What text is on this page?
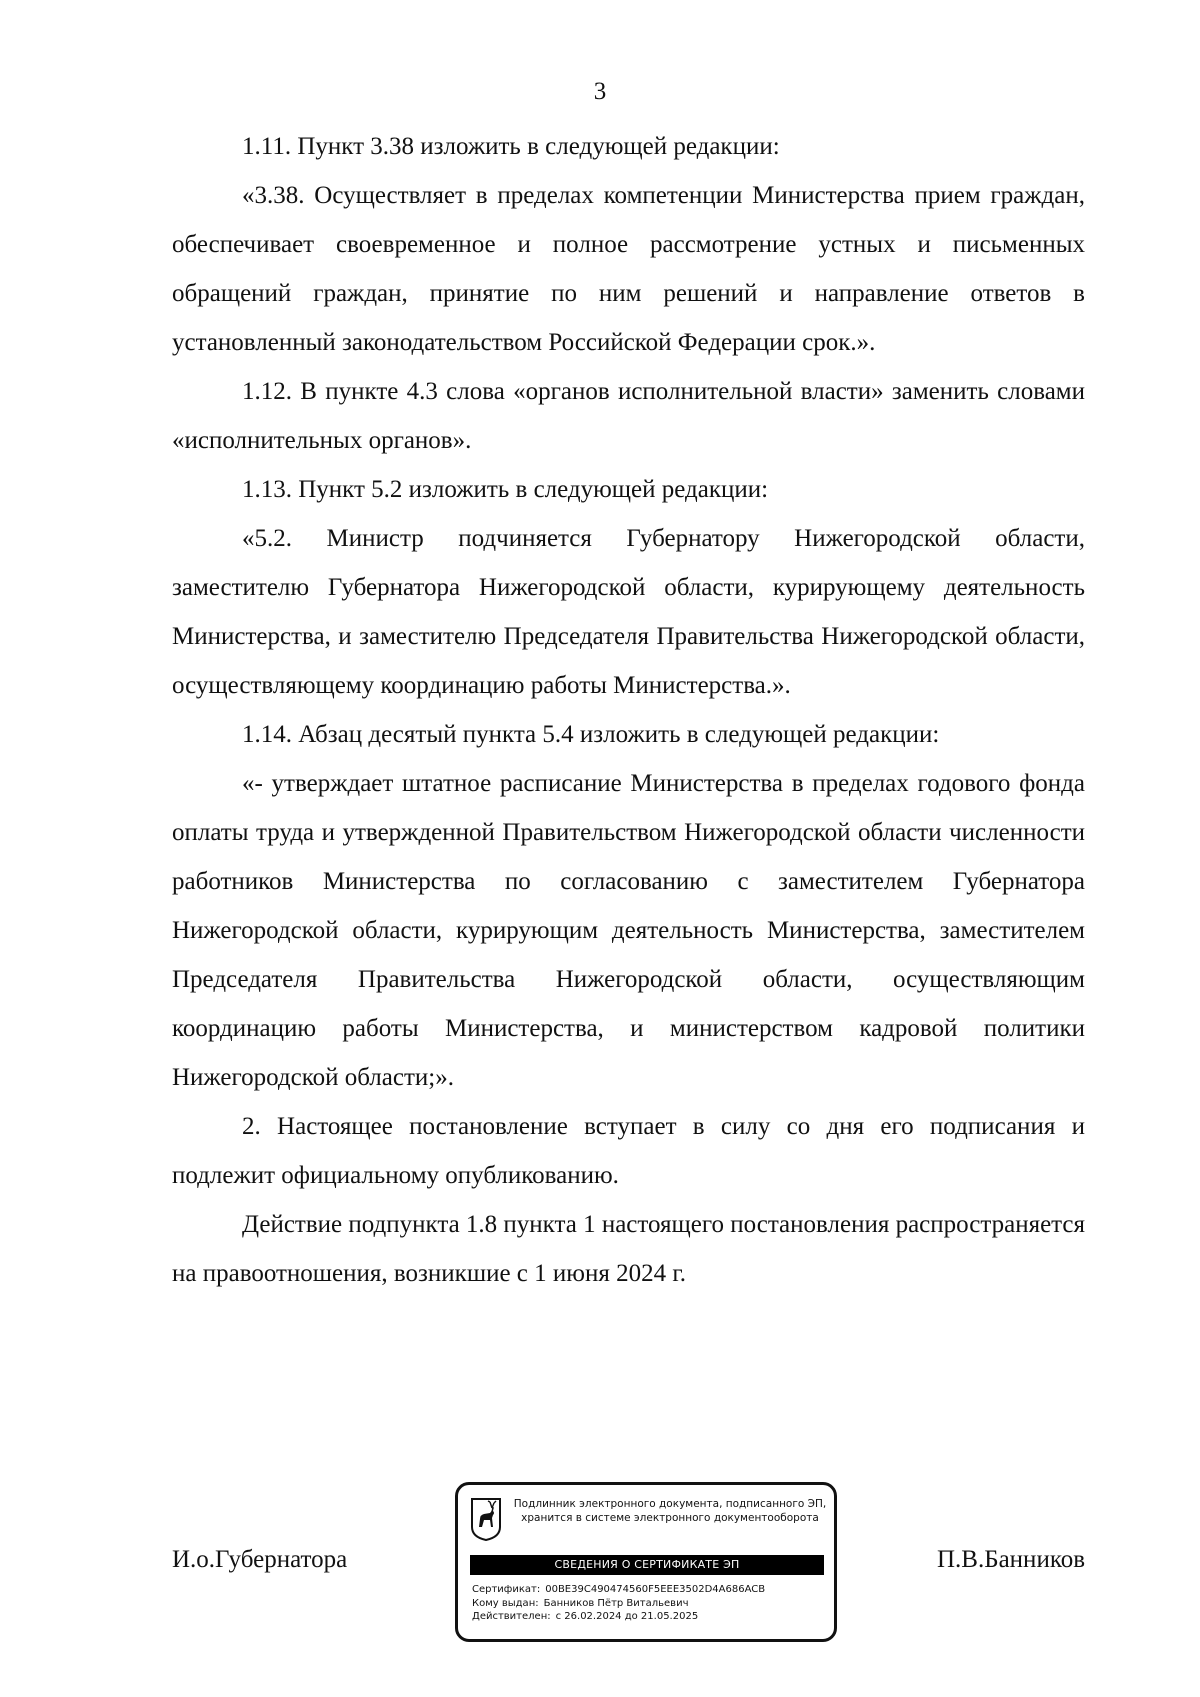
3

1.11. Пункт 3.38 изложить в следующей редакции:

«3.38. Осуществляет в пределах компетенции Министерства прием граждан, обеспечивает своевременное и полное рассмотрение устных и письменных обращений граждан, принятие по ним решений и направление ответов в установленный законодательством Российской Федерации срок.».

1.12. В пункте 4.3 слова «органов исполнительной власти» заменить словами «исполнительных органов».

1.13. Пункт 5.2 изложить в следующей редакции:

«5.2. Министр подчиняется Губернатору Нижегородской области, заместителю Губернатора Нижегородской области, курирующему деятельность Министерства, и заместителю Председателя Правительства Нижегородской области, осуществляющему координацию работы Министерства.».

1.14. Абзац десятый пункта 5.4 изложить в следующей редакции:

«- утверждает штатное расписание Министерства в пределах годового фонда оплаты труда и утвержденной Правительством Нижегородской области численности работников Министерства по согласованию с заместителем Губернатора Нижегородской области, курирующим деятельность Министерства, заместителем Председателя Правительства Нижегородской области, осуществляющим координацию работы Министерства, и министерством кадровой политики Нижегородской области;».

2. Настоящее постановление вступает в силу со дня его подписания и подлежит официальному опубликованию.

Действие подпункта 1.8 пункта 1 настоящего постановления распространяется на правоотношения, возникшие с 1 июня 2024 г.

И.о.Губернатора	П.В.Банников
Подлинник электронного документа, подписанного ЭП,
хранится в системе электронного документооборота
СВЕДЕНИЯ О СЕРТИФИКАТЕ ЭП
Сертификат: 00BE39C490474560F5EEE3502D4A686ACB
Кому выдан: Банников Пётр Витальевич
Действителен: с 26.02.2024 до 21.05.2025
